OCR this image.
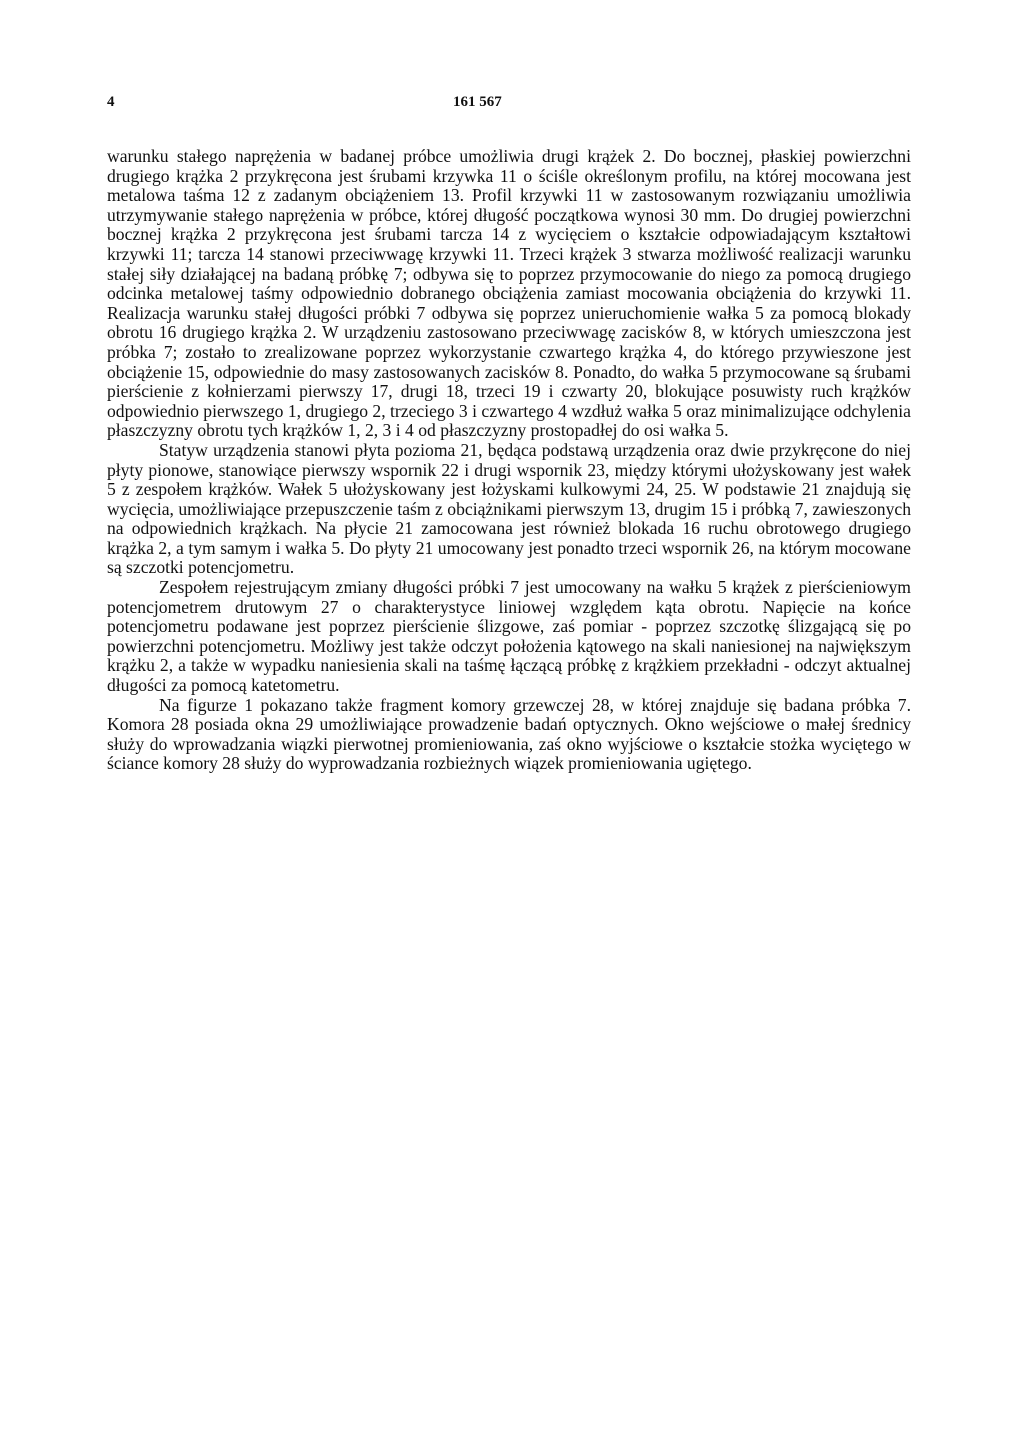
4	161 567

warunku stałego naprężenia w badanej próbce umożliwia drugi krążek 2. Do bocznej, płaskiej powierzchni drugiego krążka 2 przykręcona jest śrubami krzywka 11 o ściśle określonym profilu, na której mocowana jest metalowa taśma 12 z zadanym obciążeniem 13. Profil krzywki 11 w zastosowanym rozwiązaniu umożliwia utrzymywanie stałego naprężenia w próbce, której długość początkowa wynosi 30 mm. Do drugiej powierzchni bocznej krążka 2 przykręcona jest śrubami tarcza 14 z wycięciem o kształcie odpowiadającym kształtowi krzywki 11; tarcza 14 stanowi przeciwwagę krzywki 11. Trzeci krążek 3 stwarza możliwość realizacji warunku stałej siły działającej na badaną próbkę 7; odbywa się to poprzez przymocowanie do niego za pomocą drugiego odcinka metalowej taśmy odpowiednio dobranego obciążenia zamiast mocowania obciążenia do krzywki 11. Realizacja warunku stałej długości próbki 7 odbywa się poprzez unieruchomienie wałka 5 za pomocą blokady obrotu 16 drugiego krążka 2. W urządzeniu zastosowano przeciwwagę zacisków 8, w których umieszczona jest próbka 7; zostało to zrealizowane poprzez wykorzystanie czwartego krążka 4, do którego przywieszone jest obciążenie 15, odpowiednie do masy zastosowanych zacisków 8. Ponadto, do wałka 5 przymocowane są śrubami pierścienie z kołnierzami pierwszy 17, drugi 18, trzeci 19 i czwarty 20, blokujące posuwisty ruch krążków odpowiednio pierwszego 1, drugiego 2, trzeciego 3 i czwartego 4 wzdłuż wałka 5 oraz minimalizujące odchylenia płaszczyzny obrotu tych krążków 1, 2, 3 i 4 od płaszczyzny prostopadłej do osi wałka 5.

Statyw urządzenia stanowi płyta pozioma 21, będąca podstawą urządzenia oraz dwie przykręcone do niej płyty pionowe, stanowiące pierwszy wspornik 22 i drugi wspornik 23, między którymi ułożyskowany jest wałek 5 z zespołem krążków. Wałek 5 ułożyskowany jest łożyskami kulkowymi 24, 25. W podstawie 21 znajdują się wycięcia, umożliwiające przepuszczenie taśm z obciążnikami pierwszym 13, drugim 15 i próbką 7, zawieszonych na odpowiednich krążkach. Na płycie 21 zamocowana jest również blokada 16 ruchu obrotowego drugiego krążka 2, a tym samym i wałka 5. Do płyty 21 umocowany jest ponadto trzeci wspornik 26, na którym mocowane są szczotki potencjometru.

Zespołem rejestrującym zmiany długości próbki 7 jest umocowany na wałku 5 krążek z pierścieniowym potencjometrem drutowym 27 o charakterystyce liniowej względem kąta obrotu. Napięcie na końce potencjometru podawane jest poprzez pierścienie ślizgowe, zaś pomiar - poprzez szczotkę ślizgającą się po powierzchni potencjometru. Możliwy jest także odczyt położenia kątowego na skali naniesionej na największym krążku 2, a także w wypadku naniesienia skali na taśmę łączącą próbkę z krążkiem przekładni - odczyt aktualnej długości za pomocą katetometru.

Na figurze 1 pokazano także fragment komory grzewczej 28, w której znajduje się badana próbka 7. Komora 28 posiada okna 29 umożliwiające prowadzenie badań optycznych. Okno wejściowe o małej średnicy służy do wprowadzania wiązki pierwotnej promieniowania, zaś okno wyjściowe o kształcie stożka wyciętego w ściance komory 28 służy do wyprowadzania rozbieżnych wiązek promieniowania ugiętego.
